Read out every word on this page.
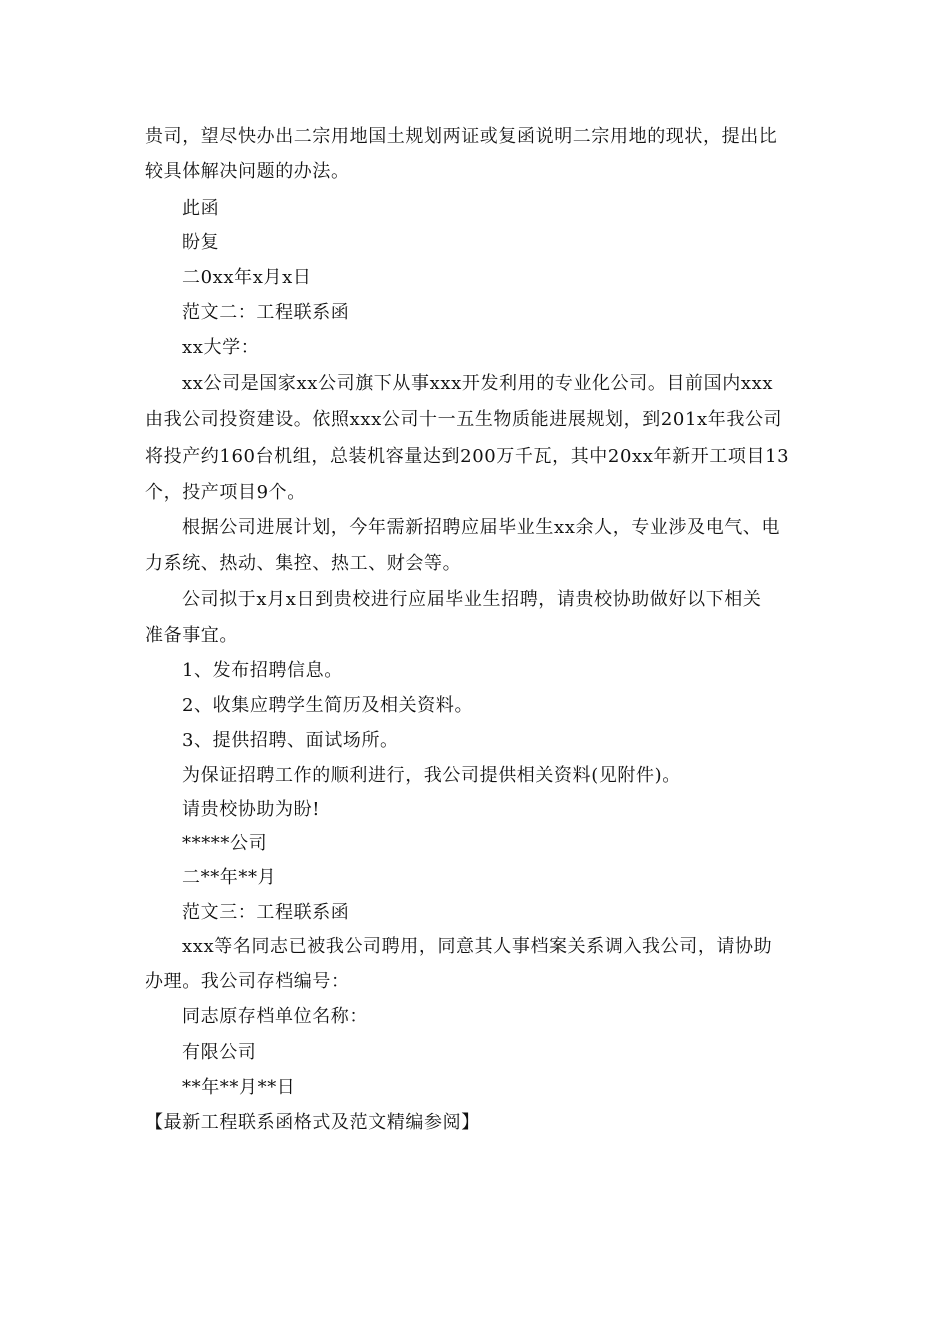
贵司，望尽快办出二宗用地国土规划两证或复函说明二宗用地的现状，提出比
较具体解决问题的办法。
此函
盼复
二0xx年x月x日
范文二：工程联系函
xx大学：
xx公司是国家xx公司旗下从事xxx开发利用的专业化公司。目前国内xxx
由我公司投资建设。依照xxx公司十一五生物质能进展规划，到201x年我公司
将投产约160台机组，总装机容量达到200万千瓦，其中20xx年新开工项目13
个，投产项目9个。
根据公司进展计划，今年需新招聘应届毕业生xx余人，专业涉及电气、电
力系统、热动、集控、热工、财会等。
公司拟于x月x日到贵校进行应届毕业生招聘，请贵校协助做好以下相关
准备事宜。
1、发布招聘信息。
2、收集应聘学生简历及相关资料。
3、提供招聘、面试场所。
为保证招聘工作的顺利进行，我公司提供相关资料(见附件)。
请贵校协助为盼!
*****公司
二**年**月
范文三：工程联系函
xxx等名同志已被我公司聘用，同意其人事档案关系调入我公司，请协助
办理。我公司存档编号：
同志原存档单位名称：
有限公司
**年**月**日
【最新工程联系函格式及范文精编参阅】
